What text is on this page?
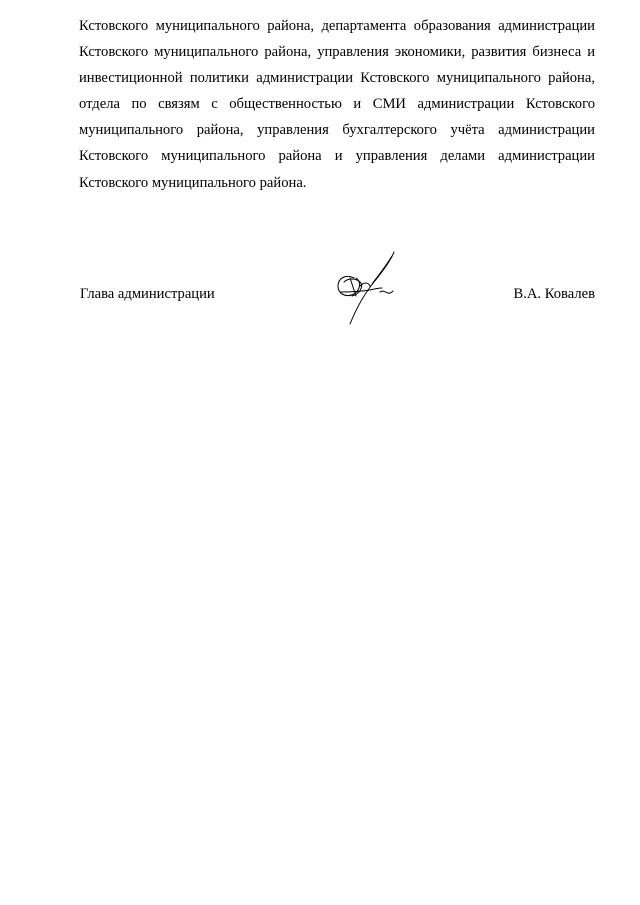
Кстовского муниципального района, департамента образования администрации
Кстовского муниципального района, управления экономики, развития бизнеса и
инвестиционной политики администрации Кстовского муниципального района,
отдела по связям с общественностью и СМИ администрации Кстовского
муниципального района, управления бухгалтерского учёта администрации
Кстовского муниципального района и управления делами администрации
Кстовского муниципального района.

Глава администрации	В.А. Ковалев
